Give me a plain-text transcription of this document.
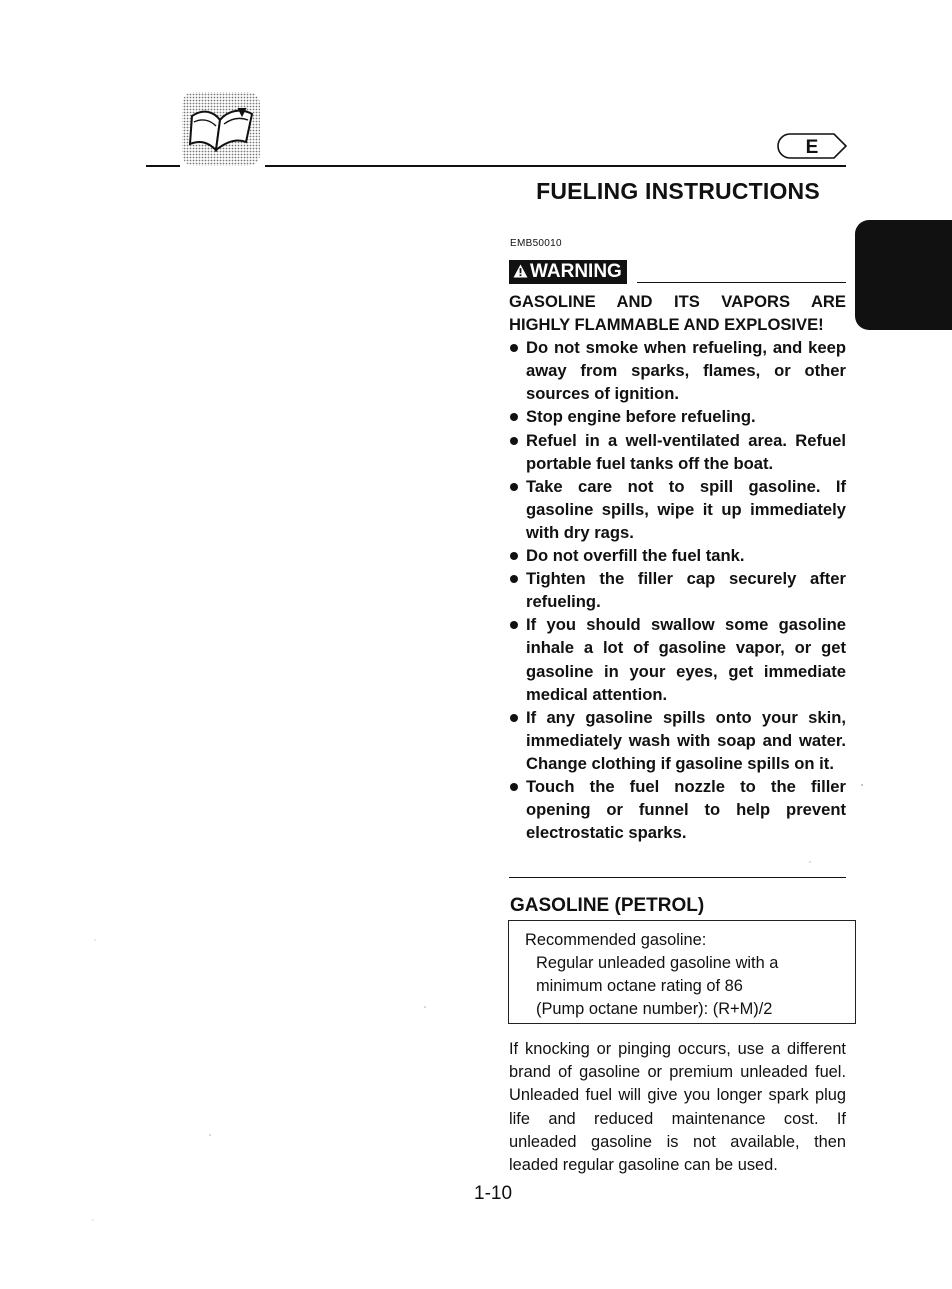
E
FUELING INSTRUCTIONS
EMB50010
WARNING
GASOLINE AND ITS VAPORS ARE
HIGHLY FLAMMABLE AND EXPLOSIVE!
Do not smoke when refueling, and keep away from sparks, flames, or other sources of ignition.
Stop engine before refueling.
Refuel in a well-ventilated area. Refuel portable fuel tanks off the boat.
Take care not to spill gasoline. If gasoline spills, wipe it up immediately with dry rags.
Do not overfill the fuel tank.
Tighten the filler cap securely after refueling.
If you should swallow some gasoline inhale a lot of gasoline vapor, or get gasoline in your eyes, get immediate medical attention.
If any gasoline spills onto your skin, immediately wash with soap and water. Change clothing if gasoline spills on it.
Touch the fuel nozzle to the filler opening or funnel to help prevent electrostatic sparks.
GASOLINE (PETROL)
Recommended gasoline:
Regular unleaded gasoline with a
minimum octane rating of 86
(Pump octane number): (R+M)/2
If knocking or pinging occurs, use a different brand of gasoline or premium unleaded fuel. Unleaded fuel will give you longer spark plug life and reduced maintenance cost. If unleaded gasoline is not available, then leaded regular gasoline can be used.
1-10
